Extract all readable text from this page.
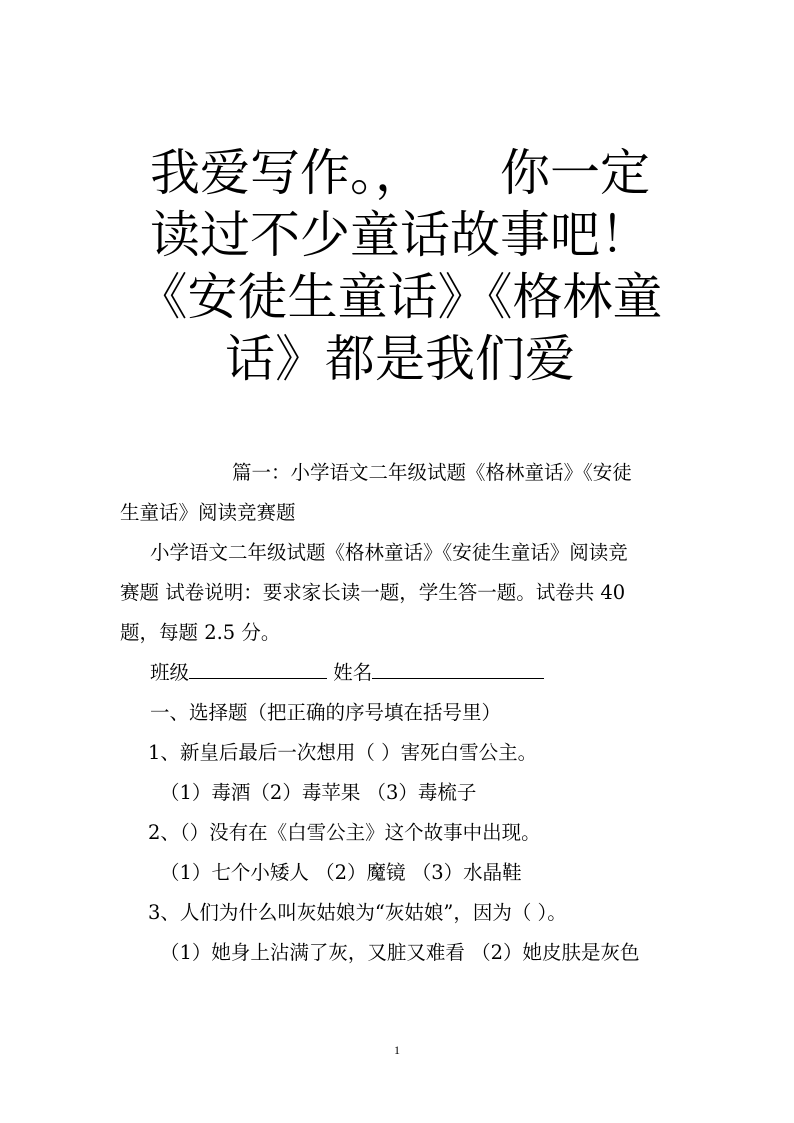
我爱写作。，　　你一定
读过不少童话故事吧！
《安徒生童话》《格林童
话》都是我们爱

篇一：小学语文二年级试题《格林童话》《安徒

生童话》阅读竞赛题

小学语文二年级试题《格林童话》《安徒生童话》阅读竞

赛题 试卷说明：要求家长读一题，学生答一题。试卷共 40

题，每题 2.5 分。

班级	姓名

一、选择题（把正确的序号填在括号里）

1、新皇后最后一次想用（ ）害死白雪公主。

（1）毒酒（2）毒苹果 （3）毒梳子

2、（）没有在《白雪公主》这个故事中出现。

（1）七个小矮人 （2）魔镜 （3）水晶鞋

3、人们为什么叫灰姑娘为“灰姑娘”，因为（ ）。

（1）她身上沾满了灰，又脏又难看 （2）她皮肤是灰色

1
